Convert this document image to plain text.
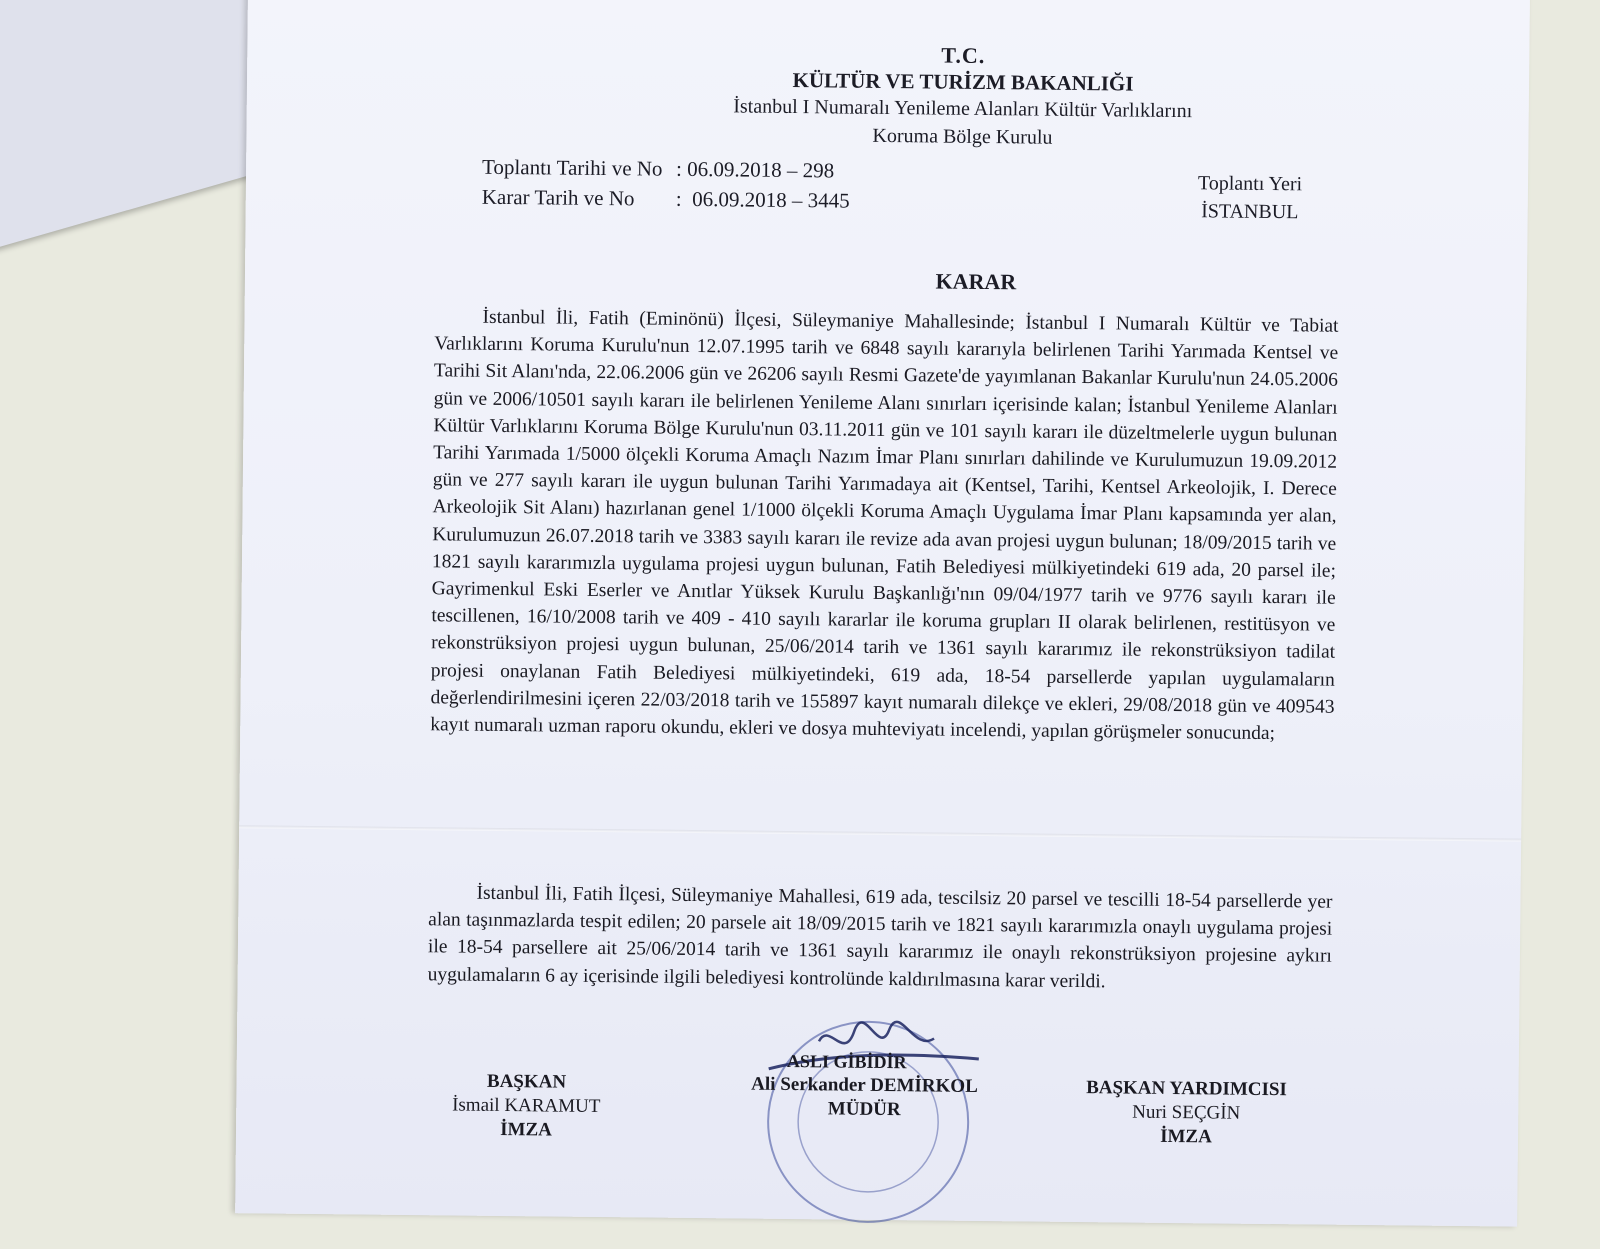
T.C.
KÜLTÜR VE TURİZM BAKANLIĞI
İstanbul I Numaralı Yenileme Alanları Kültür Varlıklarını
Koruma Bölge Kurulu
Toplantı Tarihi ve No : 06.09.2018 – 298
Karar Tarih ve No	: 06.09.2018 – 3445
Toplantı Yeri
İSTANBUL
KARAR
İstanbul İli, Fatih (Eminönü) İlçesi, Süleymaniye Mahallesinde; İstanbul I Numaralı Kültür ve Tabiat Varlıklarını Koruma Kurulu'nun 12.07.1995 tarih ve 6848 sayılı kararıyla belirlenen Tarihi Yarımada Kentsel ve Tarihi Sit Alanı'nda, 22.06.2006 gün ve 26206 sayılı Resmi Gazete'de yayımlanan Bakanlar Kurulu'nun 24.05.2006 gün ve 2006/10501 sayılı kararı ile belirlenen Yenileme Alanı sınırları içerisinde kalan; İstanbul Yenileme Alanları Kültür Varlıklarını Koruma Bölge Kurulu'nun 03.11.2011 gün ve 101 sayılı kararı ile düzeltmelerle uygun bulunan Tarihi Yarımada 1/5000 ölçekli Koruma Amaçlı Nazım İmar Planı sınırları dahilinde ve Kurulumuzun 19.09.2012 gün ve 277 sayılı kararı ile uygun bulunan Tarihi Yarımadaya ait (Kentsel, Tarihi, Kentsel Arkeolojik, I. Derece Arkeolojik Sit Alanı) hazırlanan genel 1/1000 ölçekli Koruma Amaçlı Uygulama İmar Planı kapsamında yer alan, Kurulumuzun 26.07.2018 tarih ve 3383 sayılı kararı ile revize ada avan projesi uygun bulunan; 18/09/2015 tarih ve 1821 sayılı kararımızla uygulama projesi uygun bulunan, Fatih Belediyesi mülkiyetindeki 619 ada, 20 parsel ile; Gayrimenkul Eski Eserler ve Anıtlar Yüksek Kurulu Başkanlığı'nın 09/04/1977 tarih ve 9776 sayılı kararı ile tescillenen, 16/10/2008 tarih ve 409 - 410 sayılı kararlar ile koruma grupları II olarak belirlenen, restitüsyon ve rekonstrüksiyon projesi uygun bulunan, 25/06/2014 tarih ve 1361 sayılı kararımız ile rekonstrüksiyon tadilat projesi onaylanan Fatih Belediyesi mülkiyetindeki, 619 ada, 18-54 parsellerde yapılan uygulamaların değerlendirilmesini içeren 22/03/2018 tarih ve 155897 kayıt numaralı dilekçe ve ekleri, 29/08/2018 gün ve 409543 kayıt numaralı uzman raporu okundu, ekleri ve dosya muhteviyatı incelendi, yapılan görüşmeler sonucunda;
İstanbul İli, Fatih İlçesi, Süleymaniye Mahallesi, 619 ada, tescilsiz 20 parsel ve tescilli 18-54 parsellerde yer alan taşınmazlarda tespit edilen; 20 parsele ait 18/09/2015 tarih ve 1821 sayılı kararımızla onaylı uygulama projesi ile 18-54 parsellere ait 25/06/2014 tarih ve 1361 sayılı kararımız ile onaylı rekonstrüksiyon projesine aykırı uygulamaların 6 ay içerisinde ilgili belediyesi kontrolünde kaldırılmasına karar verildi.
ASLI GİBİDİR
BAŞKAN
İsmail KARAMUT
İMZA
Ali Serkander DEMİRKOL
MÜDÜR
BAŞKAN YARDIMCISI
Nuri SEÇGİN
İMZA
